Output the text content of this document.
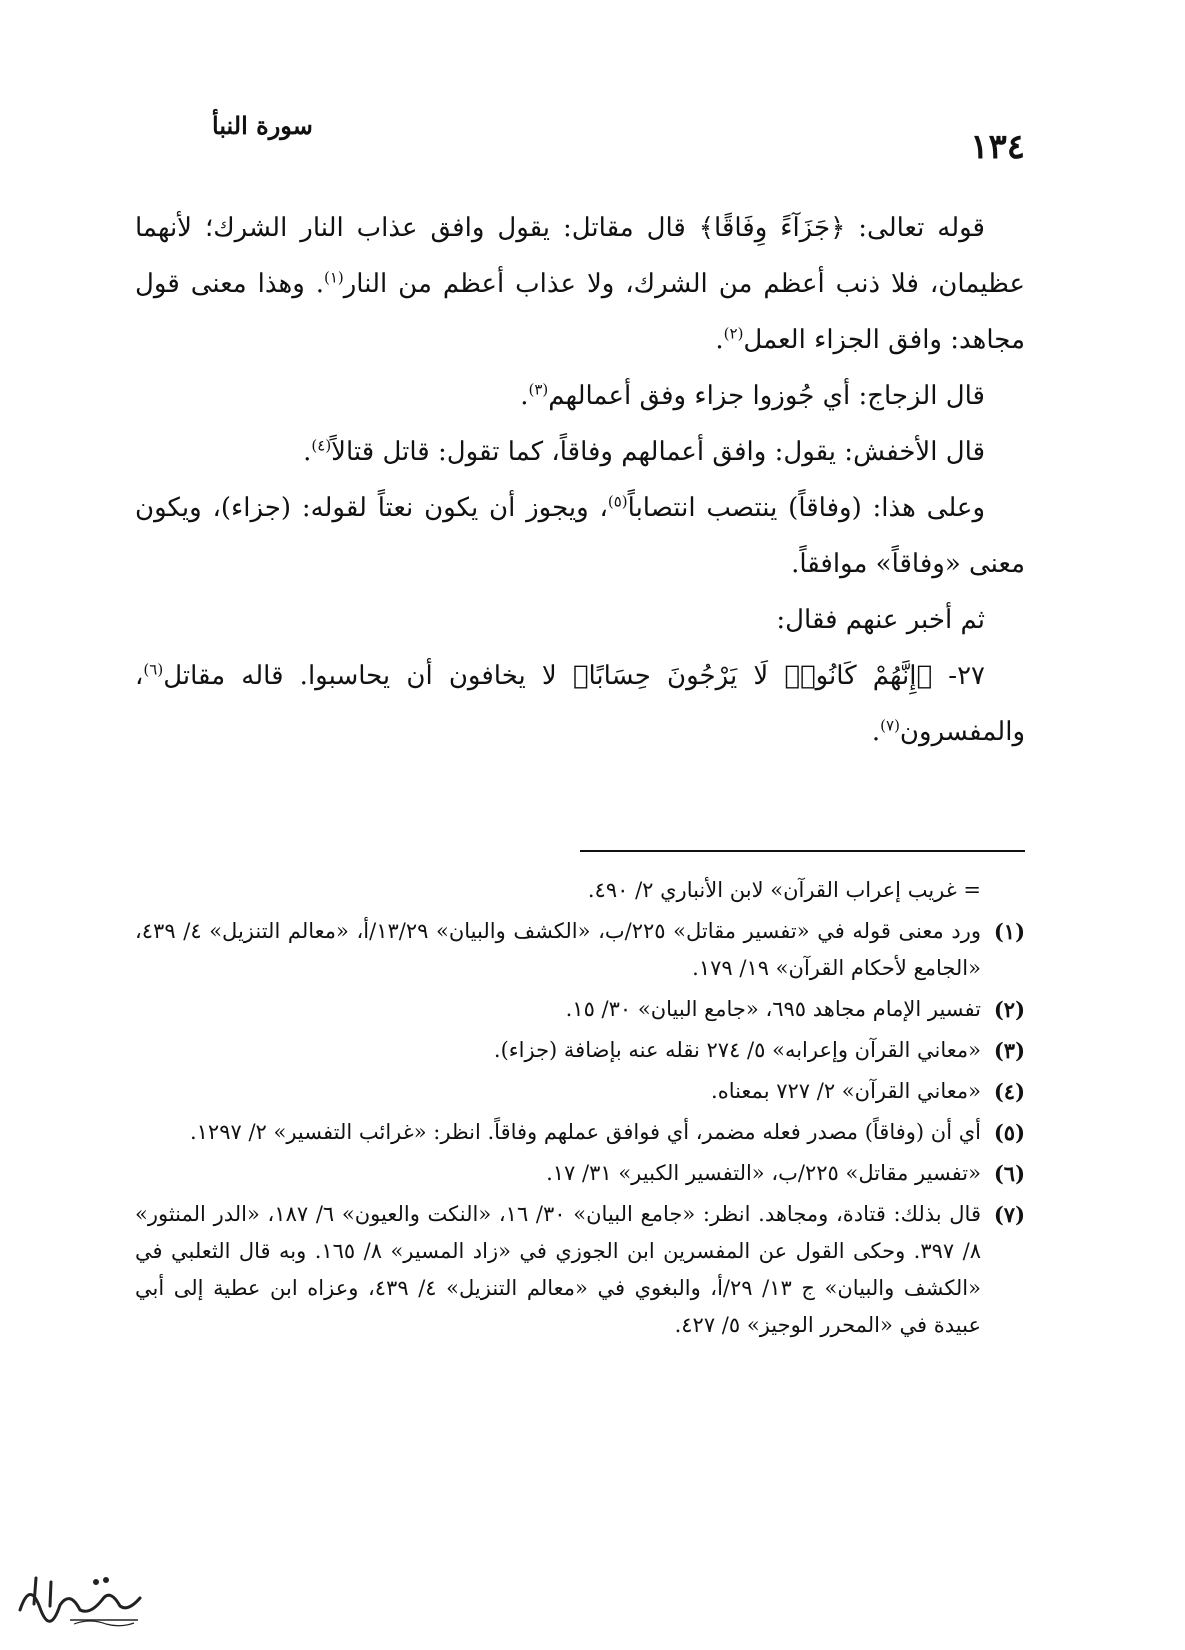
١٣٤
سورة النبأ

قوله تعالى: ﴿جَزَآءً وِفَاقًا﴾ قال مقاتل: يقول وافق عذاب النار الشرك؛ لأنهما عظيمان، فلا ذنب أعظم من الشرك، ولا عذاب أعظم من النار$^{(١)}$. وهذا معنى قول مجاهد: وافق الجزاء العمل$^{(٢)}$.

قال الزجاج: أي جُوزوا جزاء وفق أعمالهم$^{(٣)}$.

قال الأخفش: يقول: وافق أعمالهم وفاقاً، كما تقول: قاتل قتالاً$^{(٤)}$.

وعلى هذا: (وفاقاً) ينتصب انتصاباً$^{(٥)}$، ويجوز أن يكون نعتاً لقوله: (جزاء)، ويكون معنى «وفاقاً» موافقاً.

ثم أخبر عنهم فقال:

٢٧- ﴿إِنَّهُمْ كَانُوا۟ لَا يَرْجُونَ حِسَابًا﴾ لا يخافون أن يحاسبوا. قاله مقاتل$^{(٦)}$، والمفسرون$^{(٧)}$.

= غريب إعراب القرآن» لابن الأنباري ٢/ ٤٩٠.
(١)
ورد معنى قوله في «تفسير مقاتل» ٢٢٥/ب، «الكشف والبيان» ١٣/٢٩/أ، «معالم التنزيل» ٤/ ٤٣٩، «الجامع لأحكام القرآن» ١٩/ ١٧٩.
(٢)
تفسير الإمام مجاهد ٦٩٥، «جامع البيان» ٣٠/ ١٥.
(٣)
«معاني القرآن وإعرابه» ٥/ ٢٧٤ نقله عنه بإضافة (جزاء).
(٤)
«معاني القرآن» ٢/ ٧٢٧ بمعناه.
(٥)
أي أن (وفاقاً) مصدر فعله مضمر، أي فوافق عملهم وفاقاً. انظر: «غرائب التفسير» ٢/ ١٢٩٧.
(٦)
«تفسير مقاتل» ٢٢٥/ب، «التفسير الكبير» ٣١/ ١٧.
(٧)
قال بذلك: قتادة، ومجاهد. انظر: «جامع البيان» ٣٠/ ١٦، «النكت والعيون» ٦/ ١٨٧، «الدر المنثور» ٨/ ٣٩٧. وحكى القول عن المفسرين ابن الجوزي في «زاد المسير» ٨/ ١٦٥. وبه قال الثعلبي في «الكشف والبيان» ج ١٣/ ٢٩/أ، والبغوي في «معالم التنزيل» ٤/ ٤٣٩، وعزاه ابن عطية إلى أبي عبيدة في «المحرر الوجيز» ٥/ ٤٢٧.
